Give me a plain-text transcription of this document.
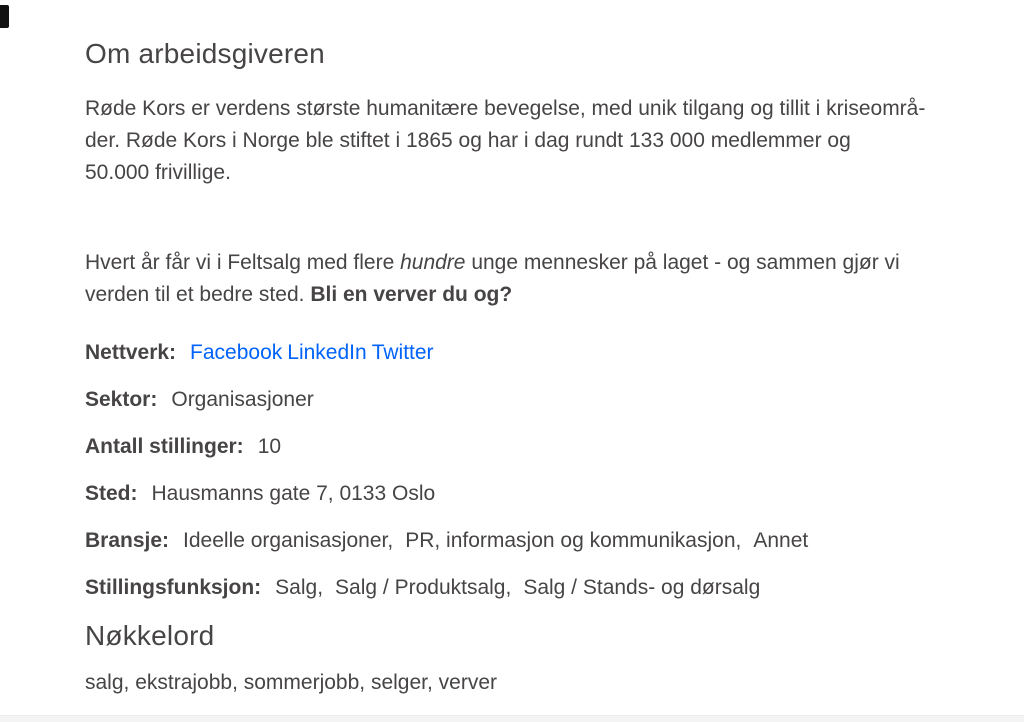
Om arbeidsgiveren
Røde Kors er verdens største humanitære bevegelse, med unik tilgang og tillit i kriseområ-
der. Røde Kors i Norge ble stiftet i 1865 og har i dag rundt 133 000 medlemmer og
50.000 frivillige.
Hvert år får vi i Feltsalg med flere hundre unge mennesker på laget - og sammen gjør vi
verden til et bedre sted. Bli en verver du og?
Nettverk: Facebook LinkedIn Twitter
Sektor: Organisasjoner
Antall stillinger: 10
Sted: Hausmanns gate 7, 0133 Oslo
Bransje: Ideelle organisasjoner, PR, informasjon og kommunikasjon, Annet
Stillingsfunksjon: Salg, Salg / Produktsalg, Salg / Stands- og dørsalg
Nøkkelord

salg, ekstrajobb, sommerjobb, selger, verver
